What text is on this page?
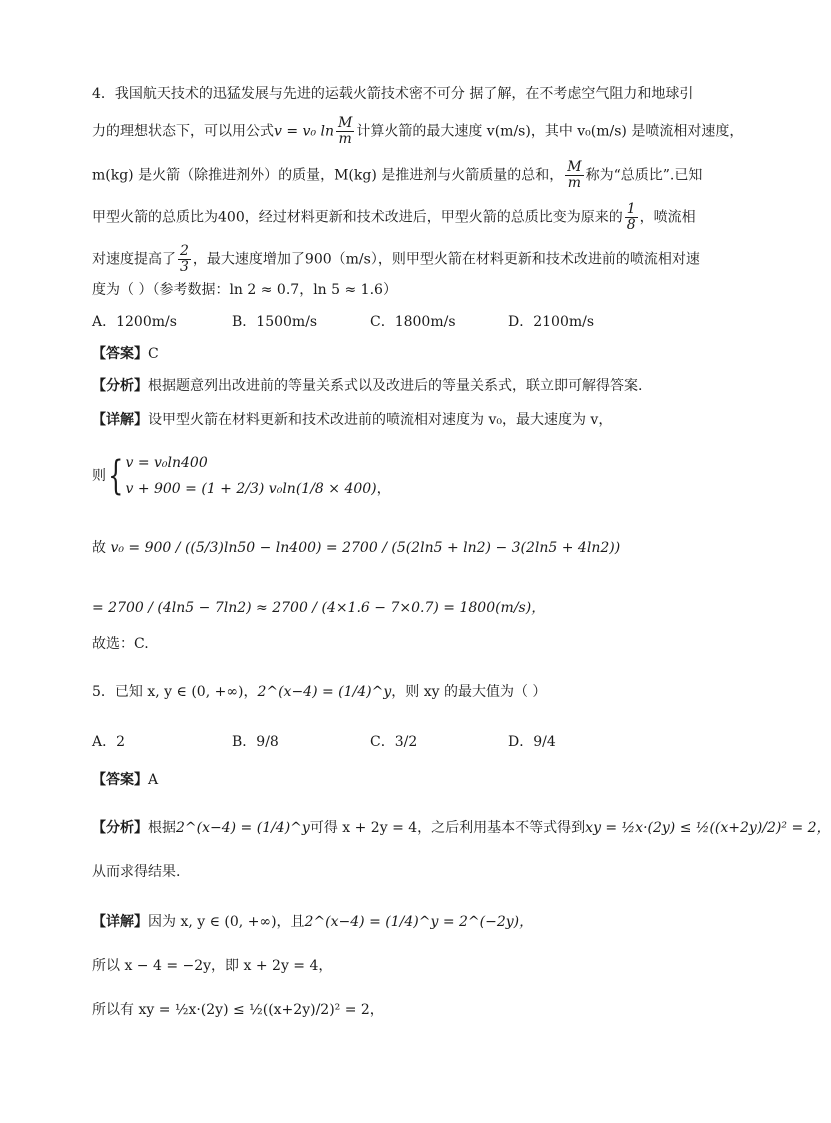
4．我国航天技术的迅猛发展与先进的运载火箭技术密不可分 据了解，在不考虑空气阻力和地球引
力的理想状态下，可以用公式v = v₀ $\ln \frac{M}{m}$ 计算火箭的最大速度 v(m/s)，其中 v₀(m/s) 是喷流相对速度，
m(kg) 是火箭（除推进剂外）的质量，M(kg) 是推进剂与火箭质量的总和， $\frac{M}{m}$ 称为“总质比”.已知
甲型火箭的总质比为400，经过材料更新和技术改进后，甲型火箭的总质比变为原来的 $\frac{1}{8}$ ，喷流相
对速度提高了 $\frac{2}{3}$ ，最大速度增加了900（m/s），则甲型火箭在材料更新和技术改进前的喷流相对速
度为（ ）（参考数据：ln 2 ≈ 0.7，ln 5 ≈ 1.6）
A．1200m/s	B．1500m/s	C．1800m/s	D．2100m/s
【答案】C
【分析】根据题意列出改进前的等量关系式以及改进后的等量关系式，联立即可解得答案.
【详解】设甲型火箭在材料更新和技术改进前的喷流相对速度为 v₀，最大速度为 v，
则{ v = v₀ln400
v + 900 = (1 + 2/3) v₀ln(1/8 × 400)，
故 v₀ = 900 / ((5/3)ln50 − ln400) = 2700 / (5(2ln5 + ln2) − 3(2ln5 + 4ln2))
= 2700 / (4ln5 − 7ln2) ≈ 2700 / (4×1.6 − 7×0.7) = 1800(m/s)，
故选：C.
5．已知 x, y ∈ (0, +∞)，2^(x−4) = (1/4)^y，则 xy 的最大值为（ ）
A．2	B．9/8	C．3/2	D．9/4
【答案】A
【分析】根据2^(x−4) = (1/4)^y可得 x + 2y = 4，之后利用基本不等式得到xy = ½x·(2y) ≤ ½((x+2y)/2)² = 2，
从而求得结果.
【详解】因为 x, y ∈ (0, +∞)，且2^(x−4) = (1/4)^y = 2^(−2y)，
所以 x − 4 = −2y，即 x + 2y = 4，
所以有 xy = ½x·(2y) ≤ ½((x+2y)/2)² = 2，
